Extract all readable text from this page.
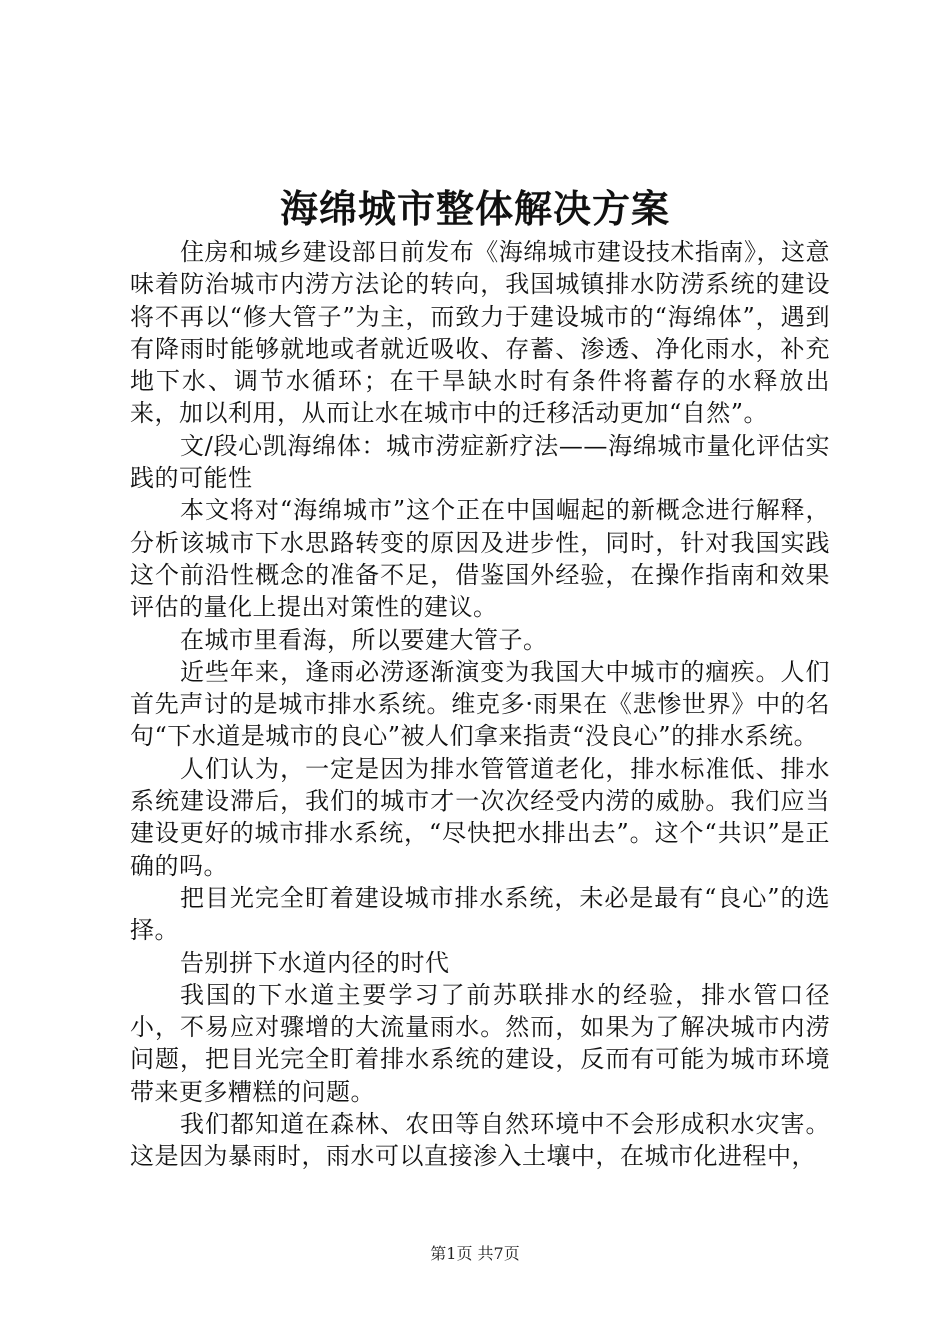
海绵城市整体解决方案

住房和城乡建设部日前发布《海绵城市建设技术指南》，这意味着防治城市内涝方法论的转向，我国城镇排水防涝系统的建设将不再以“修大管子”为主，而致力于建设城市的“海绵体”，遇到有降雨时能够就地或者就近吸收、存蓄、渗透、净化雨水，补充地下水、调节水循环；在干旱缺水时有条件将蓄存的水释放出来，加以利用，从而让水在城市中的迁移活动更加“自然”。

文/段心凯海绵体：城市涝症新疗法——海绵城市量化评估实践的可能性

本文将对“海绵城市”这个正在中国崛起的新概念进行解释，分析该城市下水思路转变的原因及进步性，同时，针对我国实践这个前沿性概念的准备不足，借鉴国外经验，在操作指南和效果评估的量化上提出对策性的建议。

在城市里看海，所以要建大管子。

近些年来，逢雨必涝逐渐演变为我国大中城市的痼疾。人们首先声讨的是城市排水系统。维克多·雨果在《悲惨世界》中的名句“下水道是城市的良心”被人们拿来指责“没良心”的排水系统。

人们认为，一定是因为排水管管道老化，排水标准低、排水系统建设滞后，我们的城市才一次次经受内涝的威胁。我们应当建设更好的城市排水系统，“尽快把水排出去”。这个“共识”是正确的吗。

把目光完全盯着建设城市排水系统，未必是最有“良心”的选择。

告别拼下水道内径的时代

我国的下水道主要学习了前苏联排水的经验，排水管口径小，不易应对骤增的大流量雨水。然而，如果为了解决城市内涝问题，把目光完全盯着排水系统的建设，反而有可能为城市环境带来更多糟糕的问题。

我们都知道在森林、农田等自然环境中不会形成积水灾害。这是因为暴雨时，雨水可以直接渗入土壤中，在城市化进程中，

第1页 共7页
